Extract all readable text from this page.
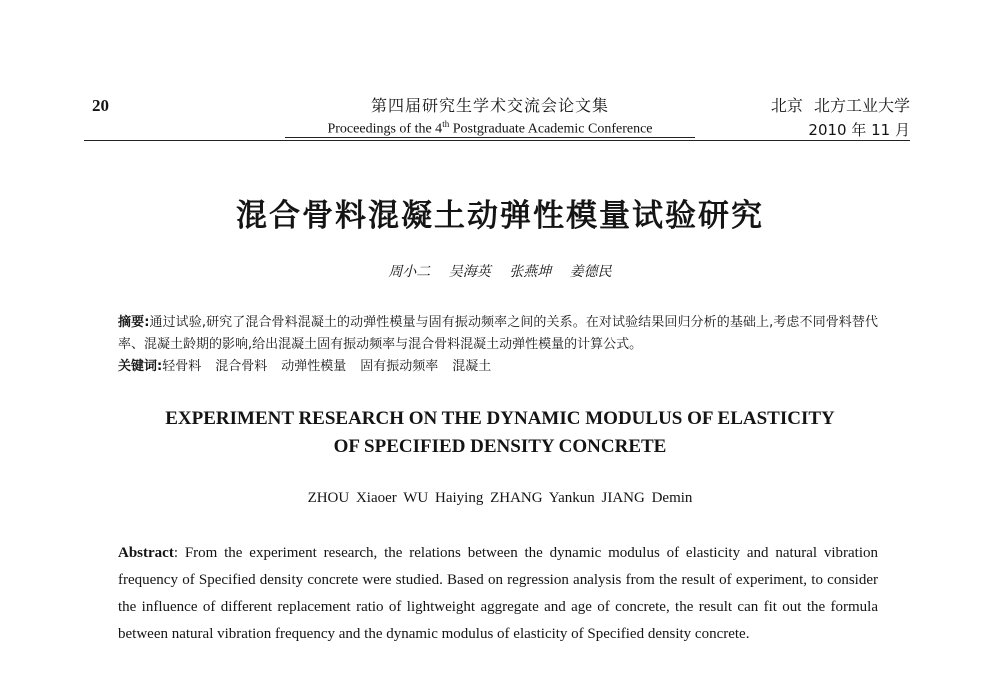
20	第四届研究生学术交流会论文集
Proceedings of the 4th Postgraduate Academic Conference
北京 北方工业大学
2010 年 11 月
混合骨料混凝土动弹性模量试验研究
周小二 吴海英 张燕坤 姜德民
摘要:通过试验,研究了混合骨料混凝土的动弹性模量与固有振动频率之间的关系。在对试验结果回归分析的基础上,考虑不同骨料替代率、混凝土龄期的影响,给出混凝土固有振动频率与混合骨料混凝土动弹性模量的计算公式。
关键词:轻骨料 混合骨料 动弹性模量 固有振动频率 混凝土
EXPERIMENT RESEARCH ON THE DYNAMIC MODULUS OF ELASTICITY
OF SPECIFIED DENSITY CONCRETE
ZHOU Xiaoer WU Haiying ZHANG Yankun JIANG Demin
Abstract: From the experiment research, the relations between the dynamic modulus of elasticity and natural vibration frequency of Specified density concrete were studied. Based on regression analysis from the result of experiment, to consider the influence of different replacement ratio of lightweight aggregate and age of concrete, the result can fit out the formula between natural vibration frequency and the dynamic modulus of elasticity of Specified density concrete.
